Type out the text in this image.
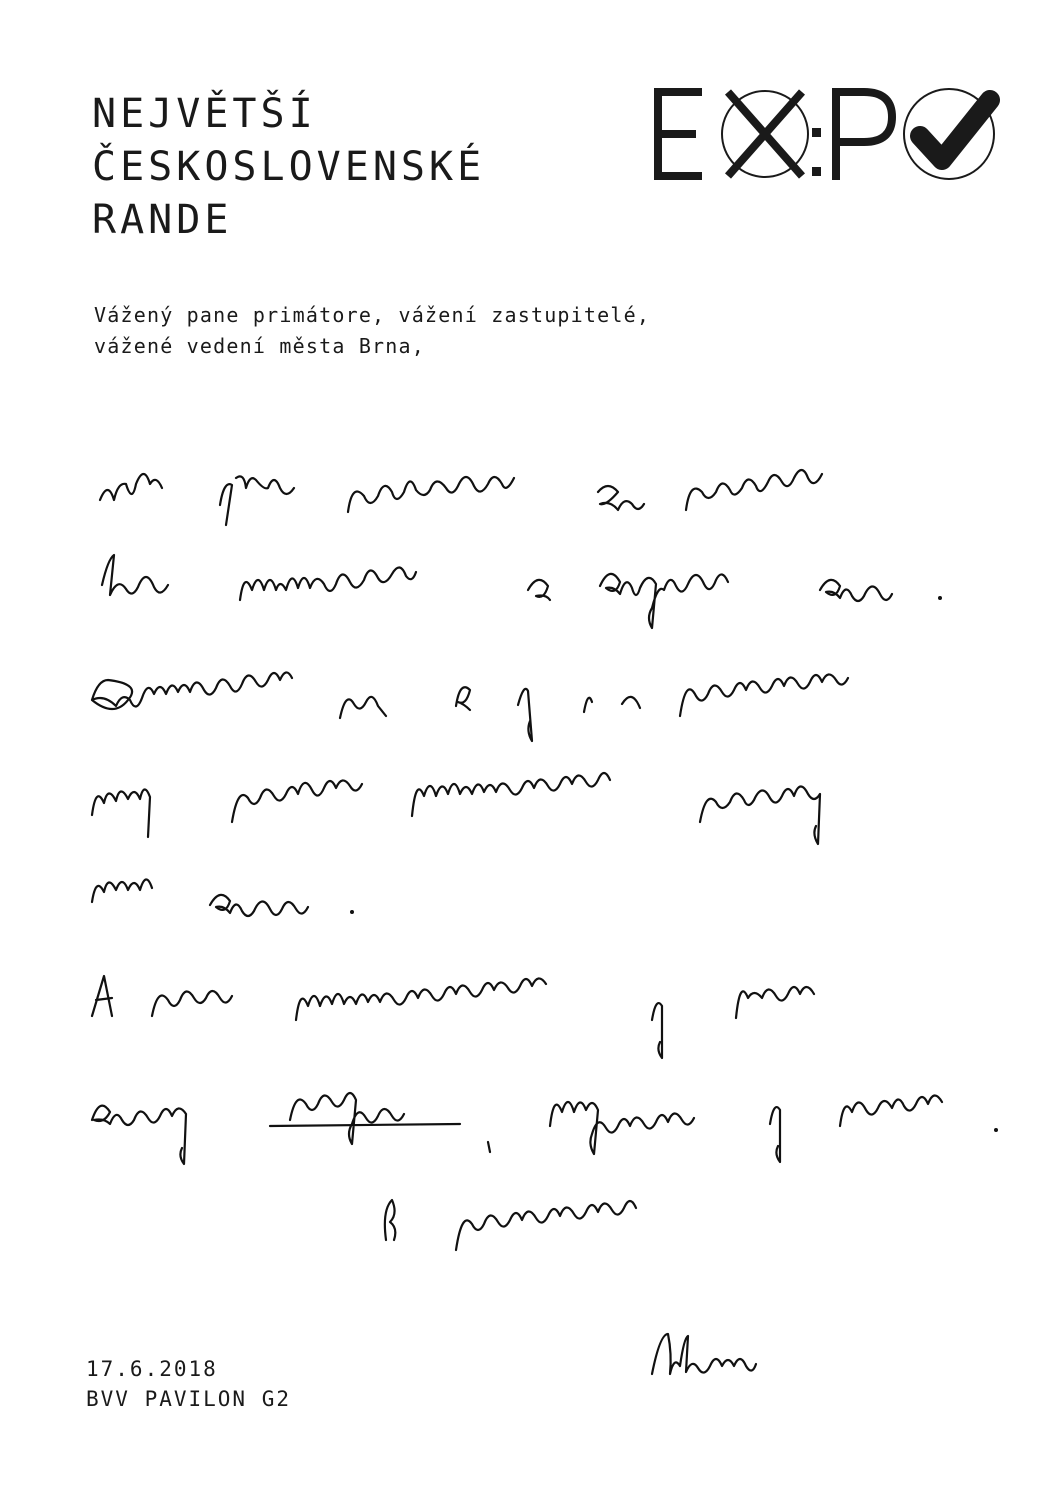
NEJVĚTŠÍ
ČESKOSLOVENSKÉ
RANDE

Vážený pane primátore, vážení zastupitelé,
vážené vedení města Brna,

17.6.2018
BVV PAVILON G2
